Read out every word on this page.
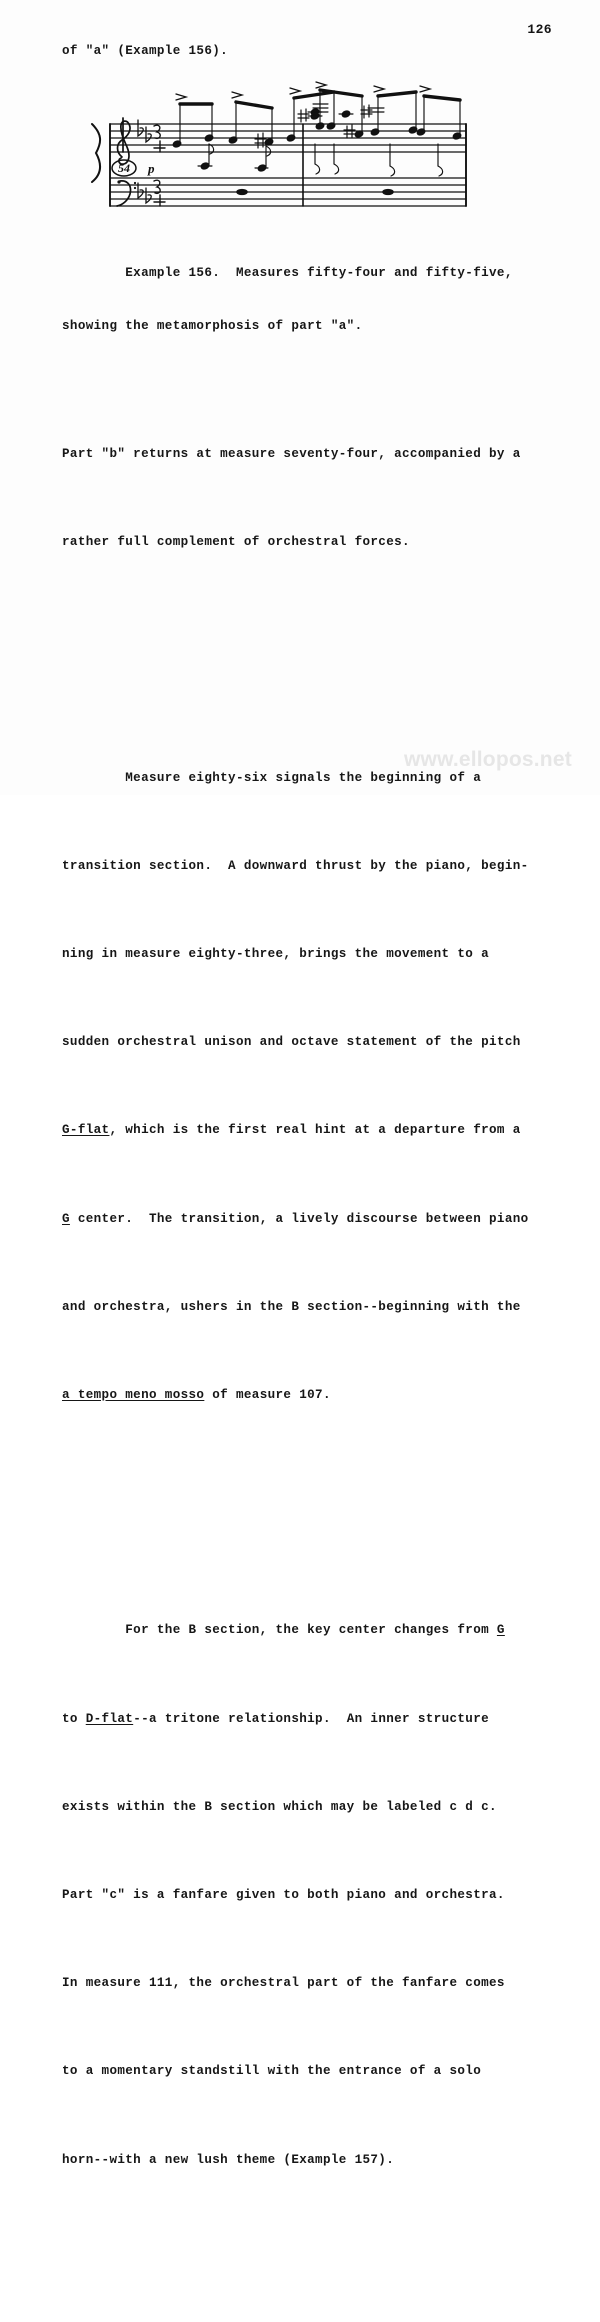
126
of "a" (Example 156).
54 p

Example 156.  Measures fifty-four and fifty-five,

showing the metamorphosis of part "a".

Part "b" returns at measure seventy-four, accompanied by a

rather full complement of orchestral forces.

Measure eighty-six signals the beginning of a

transition section.  A downward thrust by the piano, begin-

ning in measure eighty-three, brings the movement to a

sudden orchestral unison and octave statement of the pitch

G-flat, which is the first real hint at a departure from a

G center.  The transition, a lively discourse between piano

and orchestra, ushers in the B section--beginning with the

a tempo meno mosso of measure 107.

For the B section, the key center changes from G

to D-flat--a tritone relationship.  An inner structure

exists within the B section which may be labeled c d c.

Part "c" is a fanfare given to both piano and orchestra.

In measure 111, the orchestral part of the fanfare comes

to a momentary standstill with the entrance of a solo

horn--with a new lush theme (Example 157).

www.ellopos.net
